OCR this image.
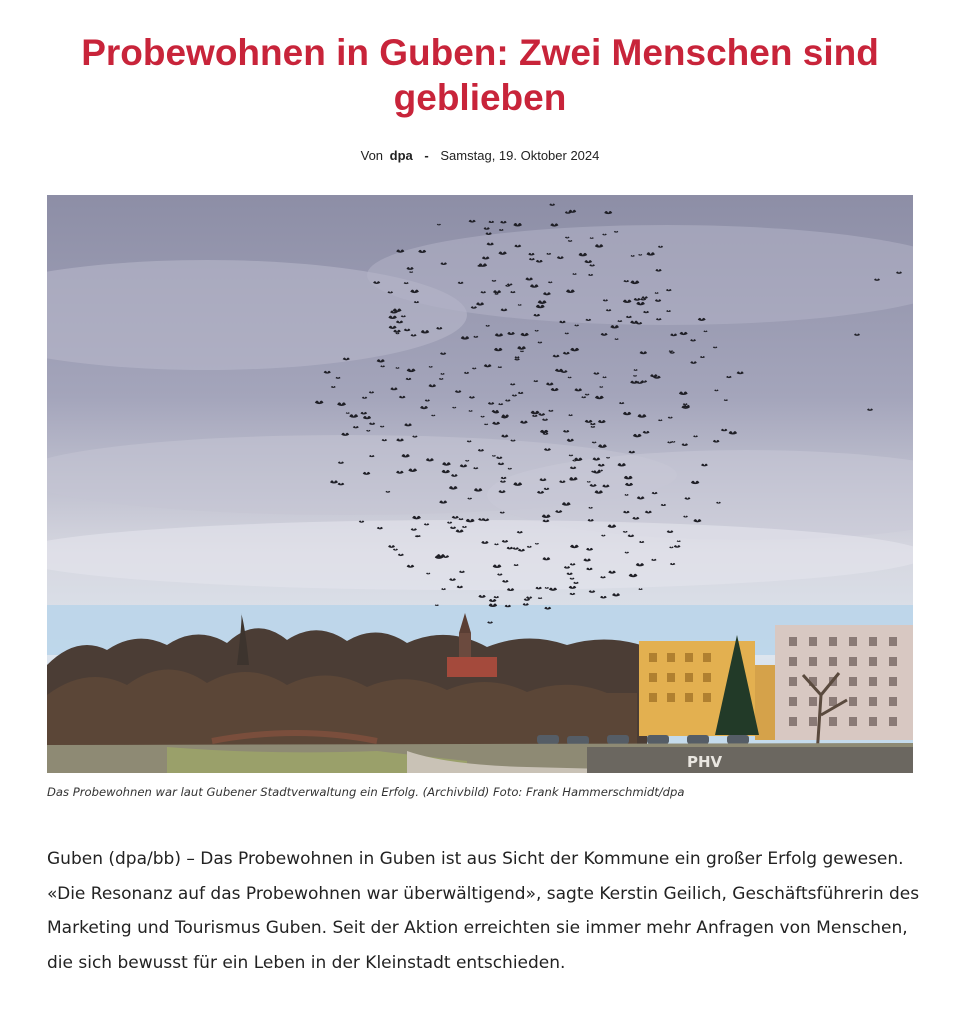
Probewohnen in Guben: Zwei Menschen sind geblieben
Von dpa - Samstag, 19. Oktober 2024
PHV
Das Probewohnen war laut Gubener Stadtverwaltung ein Erfolg. (Archivbild) Foto: Frank Hammerschmidt/dpa

Guben (dpa/bb) – Das Probewohnen in Guben ist aus Sicht der Kommune ein großer Erfolg gewesen. «Die Resonanz auf das Probewohnen war überwältigend», sagte Kerstin Geilich, Geschäftsführerin des Marketing und Tourismus Guben. Seit der Aktion erreichten sie immer mehr Anfragen von Menschen, die sich bewusst für ein Leben in der Kleinstadt entschieden.
